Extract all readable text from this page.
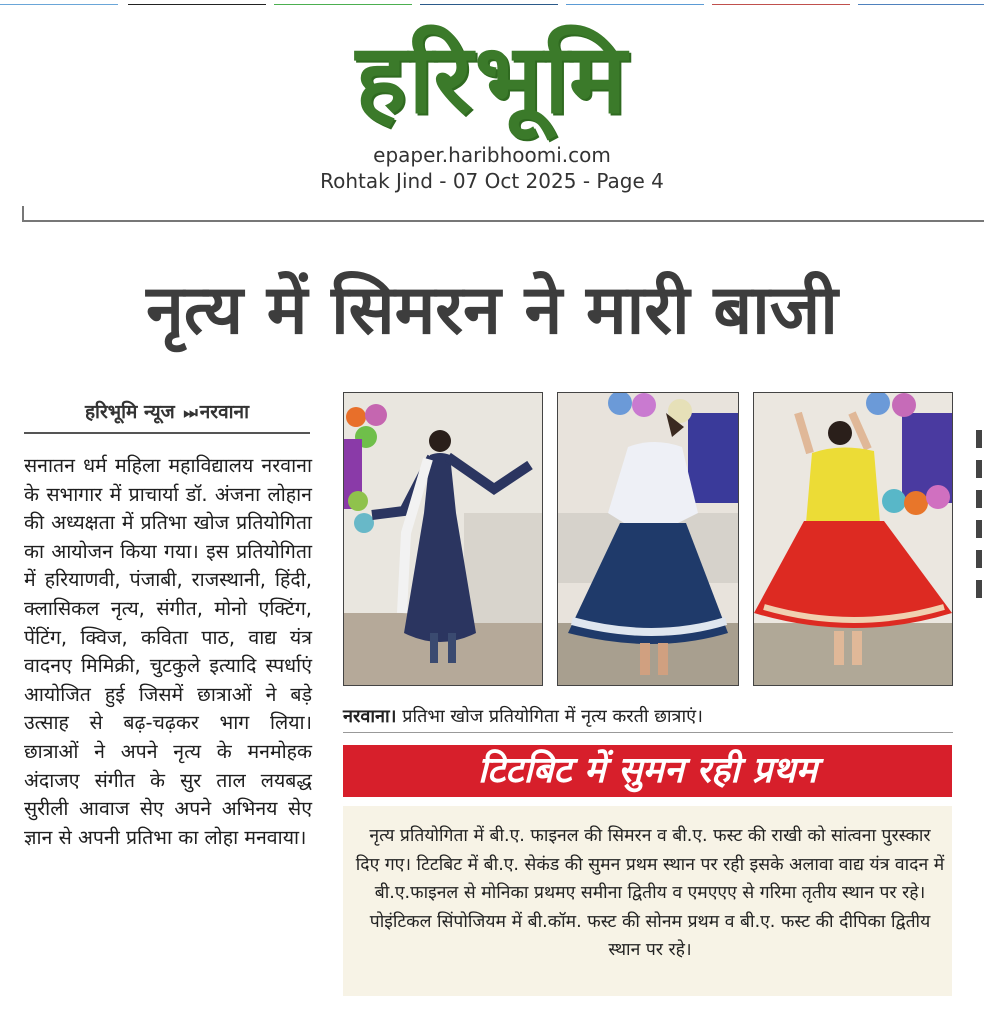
हरिभूमि
epaper.haribhoomi.com
Rohtak Jind - 07 Oct 2025 - Page 4
नृत्य में सिमरन ने मारी बाजी
हरिभूमि न्यूज ⏭ नरवाना
सनातन धर्म महिला महाविद्यालय नरवाना के सभागार में प्राचार्या डॉ. अंजना लोहान की अध्यक्षता में प्रतिभा खोज प्रतियोगिता का आयोजन किया गया। इस प्रतियोगिता में हरियाणवी, पंजाबी, राजस्थानी, हिंदी, क्लासिकल नृत्य, संगीत, मोनो एक्टिंग, पेंटिंग, क्विज, कविता पाठ, वाद्य यंत्र वादनए मिमिक्री, चुटकुले इत्यादि स्पर्धाएं आयोजित हुई जिसमें छात्राओं ने बड़े उत्साह से बढ़-चढ़कर भाग लिया। छात्राओं ने अपने नृत्य के मनमोहक अंदाजए संगीत के सुर ताल लयबद्ध सुरीली आवाज सेए अपने अभिनय सेए ज्ञान से अपनी प्रतिभा का लोहा मनवाया।
नरवाना। प्रतिभा खोज प्रतियोगिता में नृत्य करती छात्राएं।
टिटबिट में सुमन रही प्रथम
नृत्य प्रतियोगिता में बी.ए. फाइनल की सिमरन व बी.ए. फस्ट की राखी को सांत्वना पुरस्कार दिए गए। टिटबिट में बी.ए. सेकंड की सुमन प्रथम स्थान पर रही इसके अलावा वाद्य यंत्र वादन में बी.ए.फाइनल से मोनिका प्रथमए समीना द्वितीय व एमएएए से गरिमा तृतीय स्थान पर रहे। पोइंटिकल सिंपोजियम में बी.कॉम. फस्ट की सोनम प्रथम व बी.ए. फस्ट की दीपिका द्वितीय स्थान पर रहे।
